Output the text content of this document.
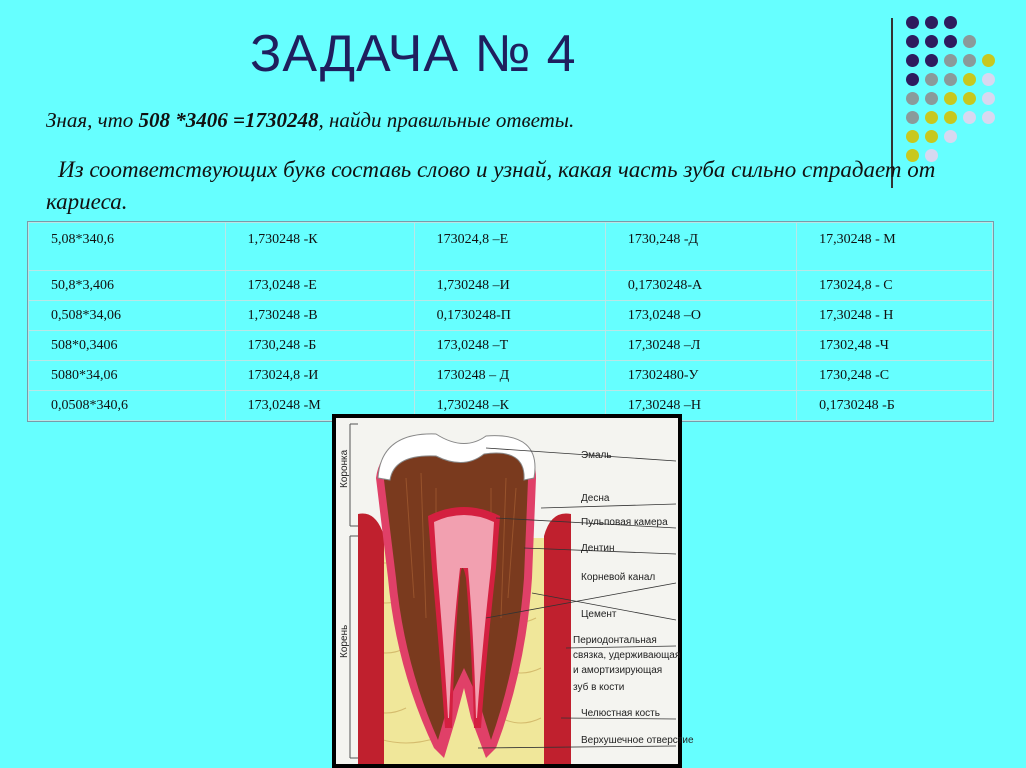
ЗАДАЧА № 4
Зная, что 508 *3406 =1730248, найди правильные ответы.
Из соответствующих букв составь слово и узнай, какая часть зуба сильно страдает от кариеса.
5,08*340,6	1,730248 -К	173024,8 –Е	1730,248 -Д	17,30248 - М
50,8*3,406	173,0248 -Е	1,730248 –И	0,1730248-А	173024,8 - С
0,508*34,06	1,730248 -В	0,1730248-П	173,0248 –О	17,30248 - Н
508*0,3406	1730,248 -Б	173,0248 –Т	17,30248 –Л	17302,48 -Ч
5080*34,06	173024,8 -И	1730248 – Д	17302480-У	1730,248 -С
0,0508*340,6	173,0248 -М	1,730248 –К	17,30248 –Н	0,1730248 -Б
Коронка
Корень
Эмаль
Десна
Пульповая камера
Дентин
Корневой канал
Цемент
Периодонтальная
связка, удерживающая
и амортизирующая
зуб в кости
Челюстная кость
Верхушечное отверстие
